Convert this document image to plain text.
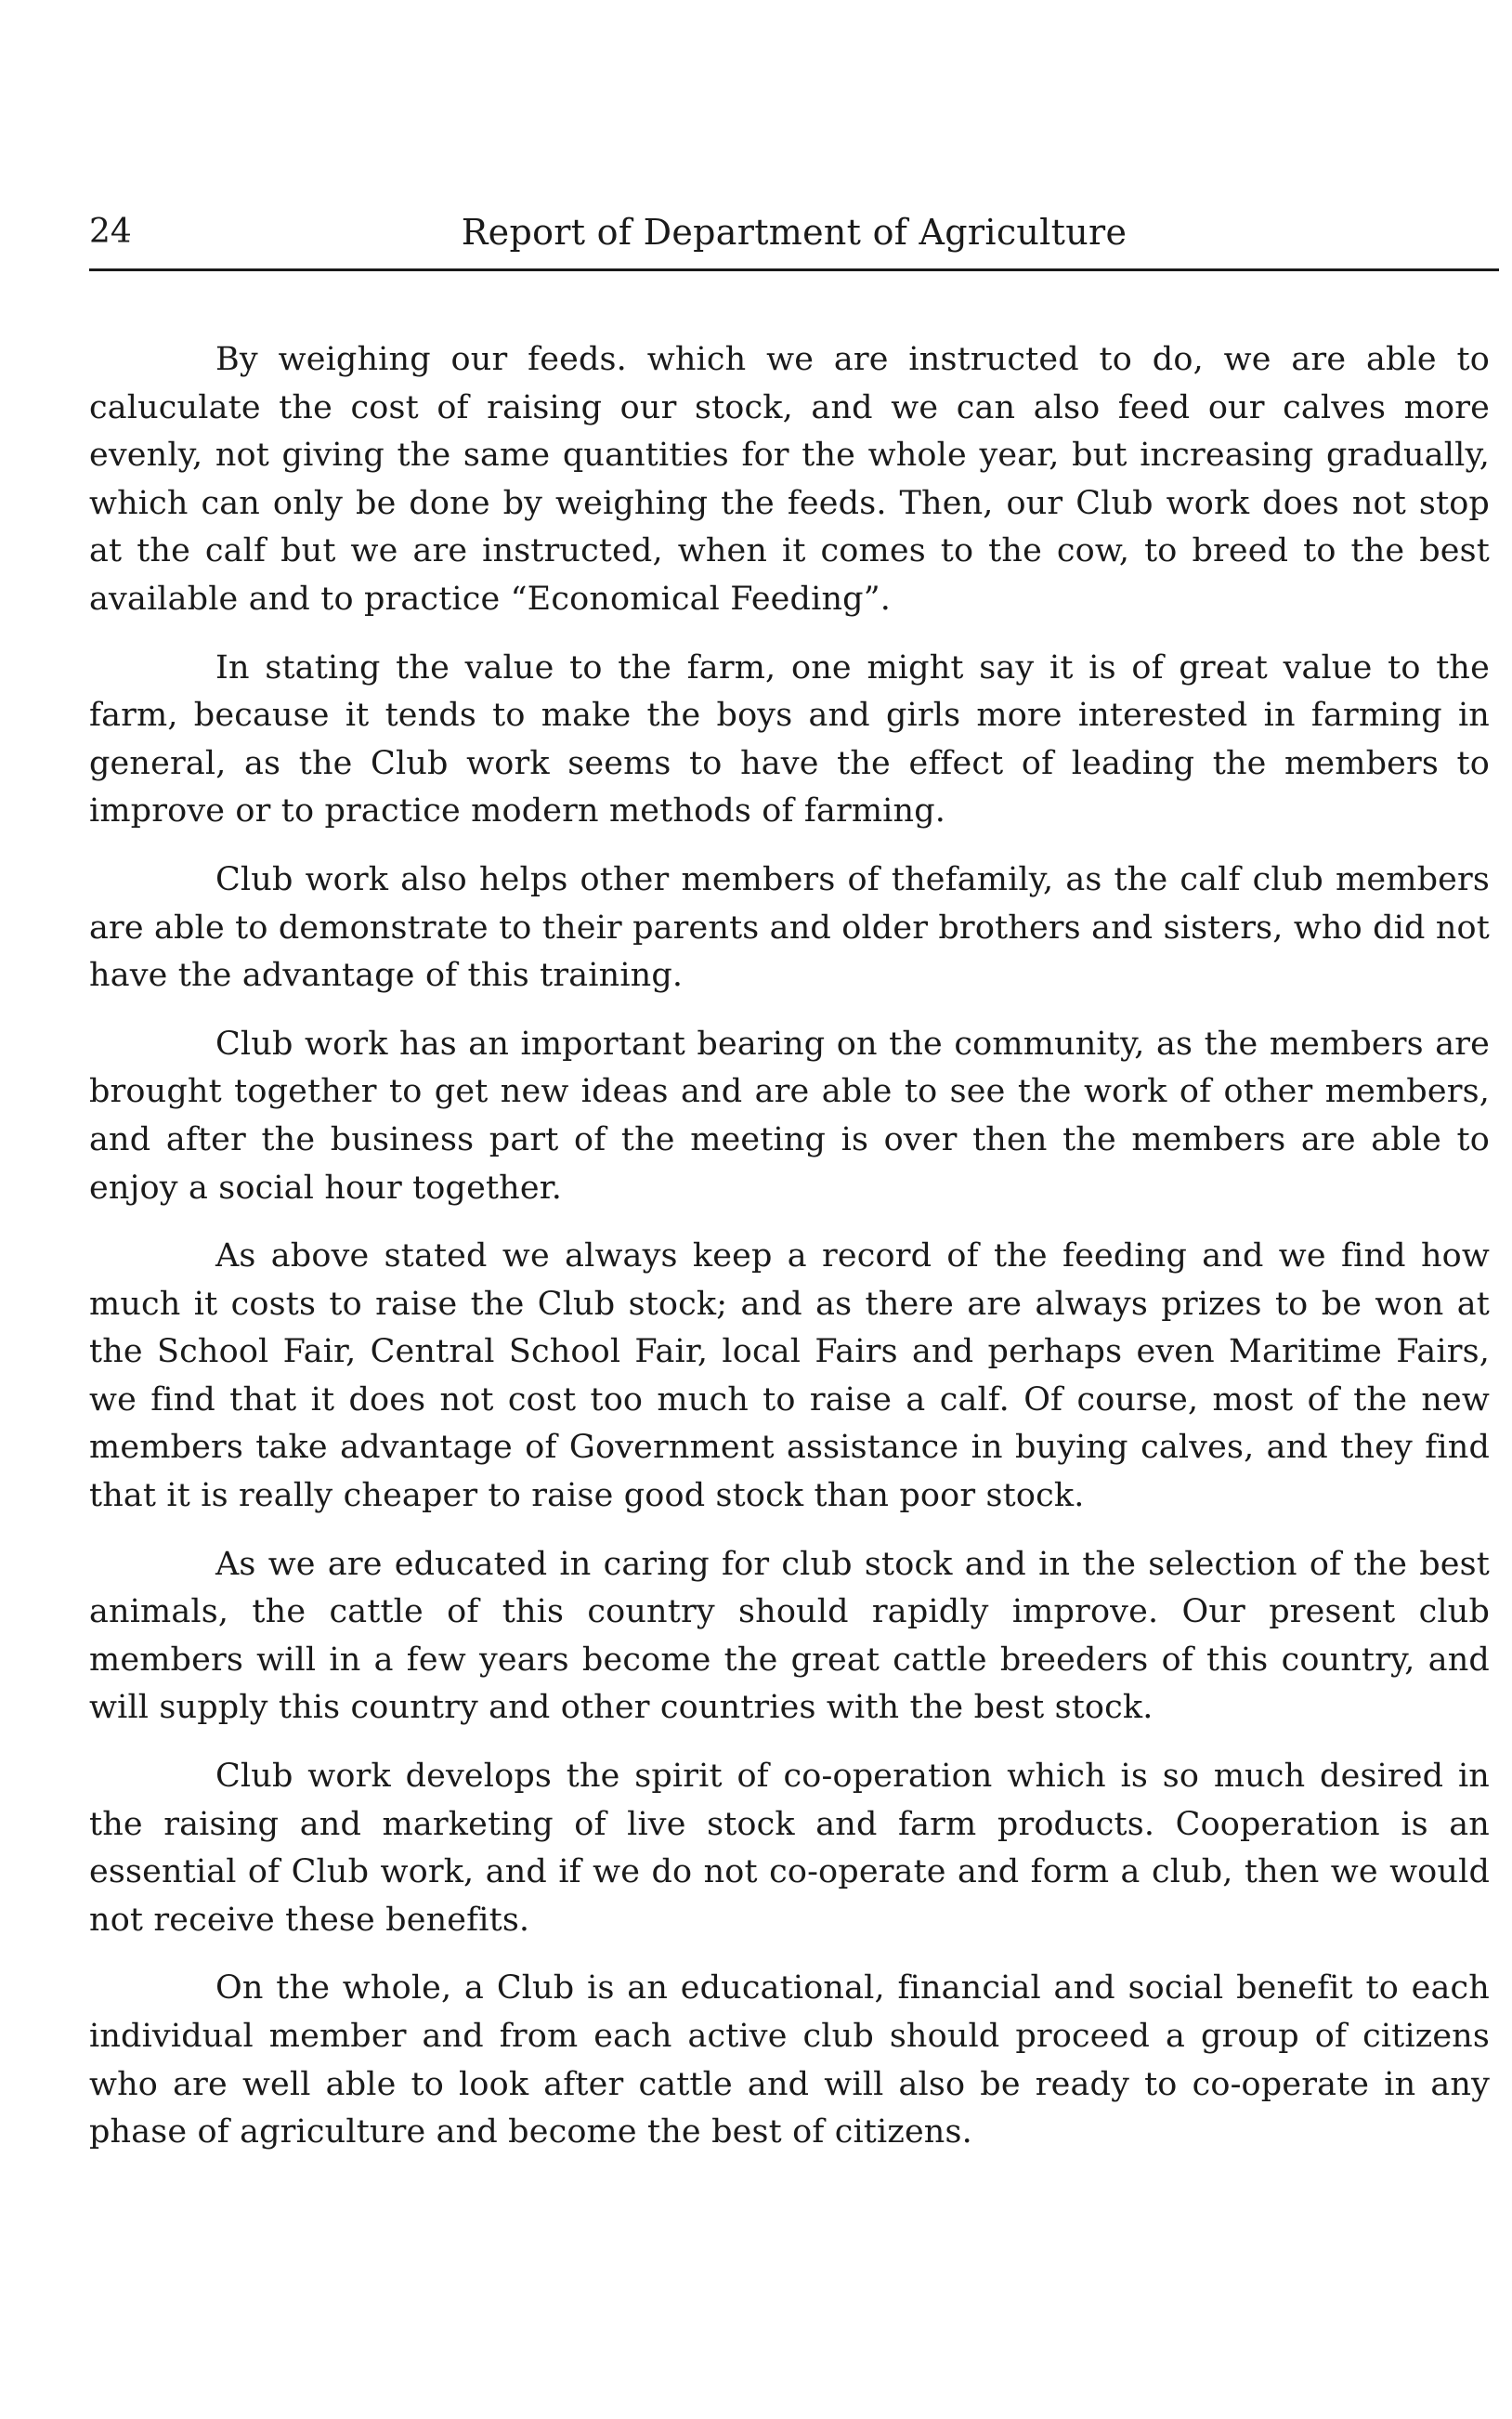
24	Report of Department of Agriculture

By weighing our feeds. which we are instructed to do, we are able to caluculate the cost of raising our stock, and we can also feed our calves more evenly, not giving the same quantities for the whole year, but increasing gradually, which can only be done by weighing the feeds. Then, our Club work does not stop at the calf but we are instructed, when it comes to the cow, to breed to the best available and to practice “Economical Feeding”.

In stating the value to the farm, one might say it is of great value to the farm, because it tends to make the boys and girls more interested in farming in general, as the Club work seems to have the effect of leading the members to improve or to practice modern methods of farming.

Club work also helps other members of thefamily, as the calf club members are able to demonstrate to their parents and older brothers and sisters, who did not have the advantage of this training.

Club work has an important bearing on the community, as the members are brought together to get new ideas and are able to see the work of other members, and after the business part of the meeting is over then the members are able to enjoy a social hour together.

As above stated we always keep a record of the feeding and we find how much it costs to raise the Club stock; and as there are always prizes to be won at the School Fair, Central School Fair, local Fairs and perhaps even Maritime Fairs, we find that it does not cost too much to raise a calf. Of course, most of the new members take advantage of Government assistance in buying calves, and they find that it is really cheaper to raise good stock than poor stock.

As we are educated in caring for club stock and in the selection of the best animals, the cattle of this country should rapidly improve. Our present club members will in a few years become the great cattle breeders of this country, and will supply this country and other countries with the best stock.

Club work develops the spirit of co-operation which is so much desired in the raising and marketing of live stock and farm products. Cooperation is an essential of Club work, and if we do not co-operate and form a club, then we would not receive these benefits.

On the whole, a Club is an educational, financial and social benefit to each individual member and from each active club should proceed a group of citizens who are well able to look after cattle and will also be ready to co-operate in any phase of agriculture and become the best of citizens.
